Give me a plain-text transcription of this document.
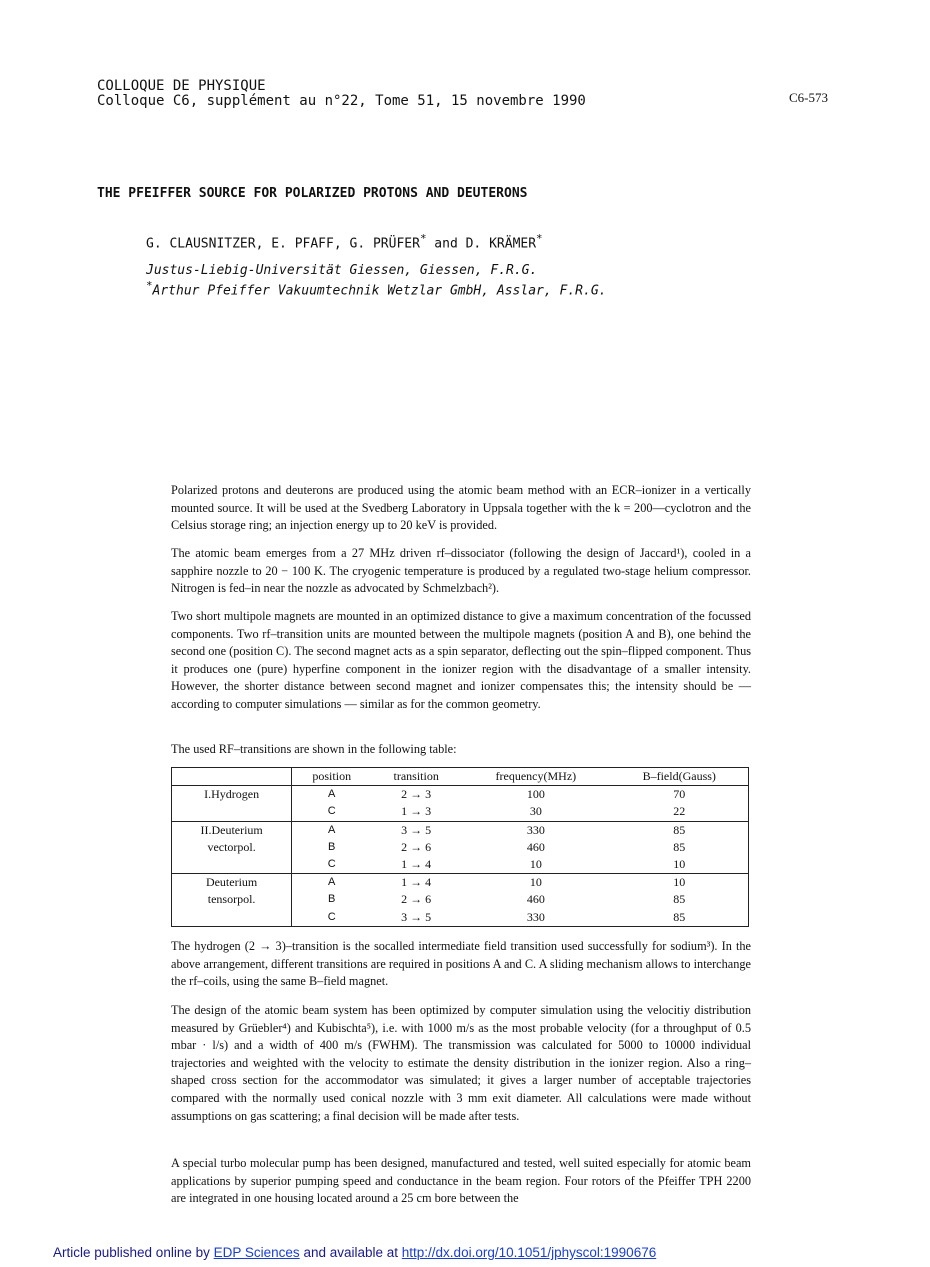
COLLOQUE DE PHYSIQUE
Colloque C6, supplément au n°22, Tome 51, 15 novembre 1990	C6-573
THE PFEIFFER SOURCE FOR POLARIZED PROTONS AND DEUTERONS
G. CLAUSNITZER, E. PFAFF, G. PRÜFER* and D. KRÄMER*
Justus-Liebig-Universität Giessen, Giessen, F.R.G.
*Arthur Pfeiffer Vakuumtechnik Wetzlar GmbH, Asslar, F.R.G.
Polarized protons and deuterons are produced using the atomic beam method with an ECR–ionizer in a vertically mounted source. It will be used at the Svedberg Laboratory in Uppsala together with the k = 200—cyclotron and the Celsius storage ring; an injection energy up to 20 keV is provided.
The atomic beam emerges from a 27 MHz driven rf–dissociator (following the design of Jaccard¹), cooled in a sapphire nozzle to 20 − 100 K. The cryogenic temperature is produced by a regulated two-stage helium compressor. Nitrogen is fed–in near the nozzle as advocated by Schmelzbach²).
Two short multipole magnets are mounted in an optimized distance to give a maximum concentration of the focussed components. Two rf–transition units are mounted between the multipole magnets (position A and B), one behind the second one (position C). The second magnet acts as a spin separator, deflecting out the spin–flipped component. Thus it produces one (pure) hyperfine component in the ionizer region with the disadvantage of a smaller intensity. However, the shorter distance between second magnet and ionizer compensates this; the intensity should be — according to computer simulations — similar as for the common geometry.
The used RF–transitions are shown in the following table:
	position	transition	frequency(MHz)	B–field(Gauss)
I.Hydrogen	A	2 → 3	100	70
	C	1 → 3	30	22
II.Deuterium	A	3 → 5	330	85
vectorpol.	B	2 → 6	460	85
	C	1 → 4	10	10
Deuterium	A	1 → 4	10	10
tensorpol.	B	2 → 6	460	85
	C	3 → 5	330	85
The hydrogen (2 → 3)–transition is the socalled intermediate field transition used successfully for sodium³). In the above arrangement, different transitions are required in positions A and C. A sliding mechanism allows to interchange the rf–coils, using the same B–field magnet.
The design of the atomic beam system has been optimized by computer simulation using the velocitiy distribution measured by Grüebler⁴) and Kubischta⁵), i.e. with 1000 m/s as the most probable velocity (for a throughput of 0.5 mbar · l/s) and a width of 400 m/s (FWHM). The transmission was calculated for 5000 to 10000 individual trajectories and weighted with the velocity to estimate the density distribution in the ionizer region. Also a ring–shaped cross section for the accommodator was simulated; it gives a larger number of acceptable trajectories compared with the normally used conical nozzle with 3 mm exit diameter. All calculations were made without assumptions on gas scattering; a final decision will be made after tests.
A special turbo molecular pump has been designed, manufactured and tested, well suited especially for atomic beam applications by superior pumping speed and conductance in the beam region. Four rotors of the Pfeiffer TPH 2200 are integrated in one housing located around a 25 cm bore between the
Article published online by EDP Sciences and available at http://dx.doi.org/10.1051/jphyscol:1990676
